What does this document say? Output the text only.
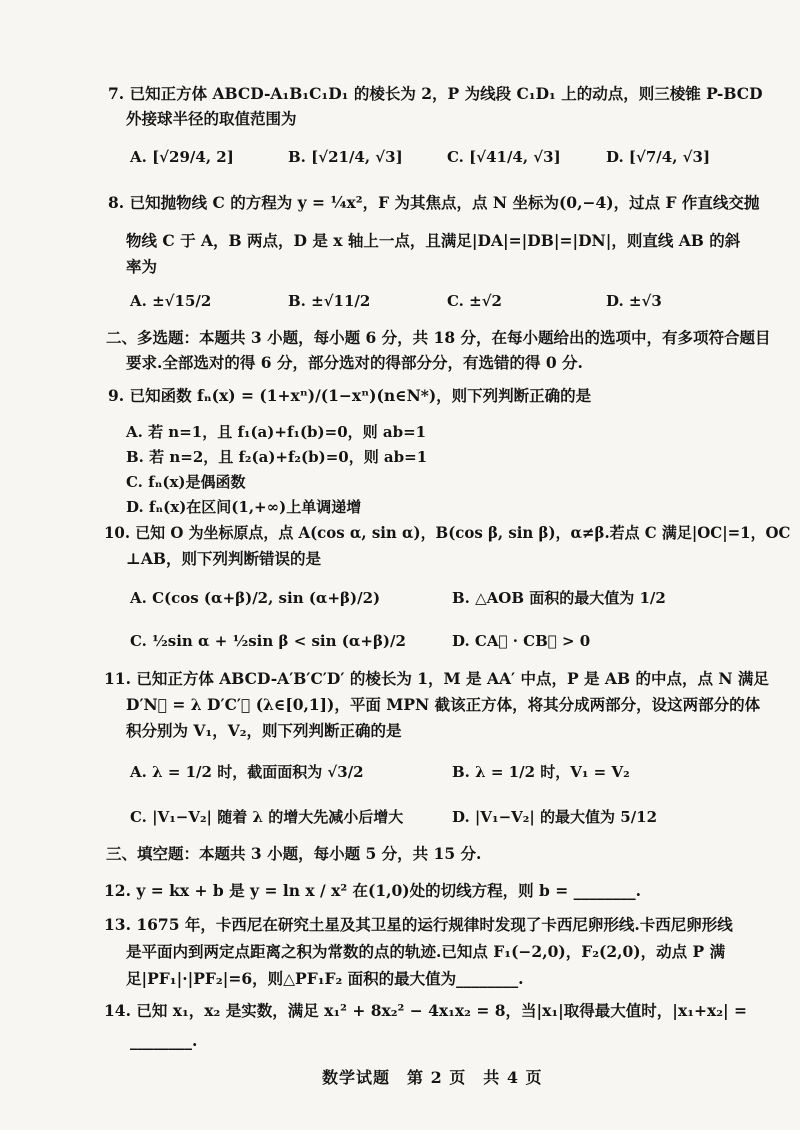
7. 已知正方体 ABCD-A₁B₁C₁D₁ 的棱长为 2，P 为线段 C₁D₁ 上的动点，则三棱锥 P-BCD
外接球半径的取值范围为
A. [√29/4, 2]	B. [√21/4, √3]	C. [√41/4, √3]	D. [√7/4, √3]
8. 已知抛物线 C 的方程为 y = ¼x²，F 为其焦点，点 N 坐标为(0,−4)，过点 F 作直线交抛
物线 C 于 A，B 两点，D 是 x 轴上一点，且满足|DA|=|DB|=|DN|，则直线 AB 的斜
率为
A. ±√15/2	B. ±√11/2	C. ±√2	D. ±√3
二、多选题：本题共 3 小题，每小题 6 分，共 18 分，在每小题给出的选项中，有多项符合题目
要求.全部选对的得 6 分，部分选对的得部分分，有选错的得 0 分.
9. 已知函数 fₙ(x) = (1+xⁿ)/(1−xⁿ)(n∈N*)，则下列判断正确的是
A. 若 n=1，且 f₁(a)+f₁(b)=0，则 ab=1
B. 若 n=2，且 f₂(a)+f₂(b)=0，则 ab=1
C. fₙ(x)是偶函数
D. fₙ(x)在区间(1,+∞)上单调递增
10. 已知 O 为坐标原点，点 A(cos α, sin α)，B(cos β, sin β)，α≠β.若点 C 满足|OC|=1，OC
⊥AB，则下列判断错误的是
A. C(cos (α+β)/2, sin (α+β)/2)	B. △AOB 面积的最大值为 1/2
C. ½sin α + ½sin β < sin (α+β)/2	D. CA⃗ · CB⃗ > 0
11. 已知正方体 ABCD-A′B′C′D′ 的棱长为 1，M 是 AA′ 中点，P 是 AB 的中点，点 N 满足
D′N⃗ = λ D′C′⃗ (λ∈[0,1])，平面 MPN 截该正方体，将其分成两部分，设这两部分的体
积分别为 V₁，V₂，则下列判断正确的是
A. λ = 1/2 时，截面面积为 √3/2	B. λ = 1/2 时，V₁ = V₂
C. |V₁−V₂| 随着 λ 的增大先减小后增大	D. |V₁−V₂| 的最大值为 5/12
三、填空题：本题共 3 小题，每小题 5 分，共 15 分.
12. y = kx + b 是 y = ln x / x² 在(1,0)处的切线方程，则 b = ________.
13. 1675 年，卡西尼在研究土星及其卫星的运行规律时发现了卡西尼卵形线.卡西尼卵形线
是平面内到两定点距离之积为常数的点的轨迹.已知点 F₁(−2,0)，F₂(2,0)，动点 P 满
足|PF₁|·|PF₂|=6，则△PF₁F₂ 面积的最大值为________.
14. 已知 x₁，x₂ 是实数，满足 x₁² + 8x₂² − 4x₁x₂ = 8，当|x₁|取得最大值时，|x₁+x₂| =
________.
数学试题　第 2 页　共 4 页
